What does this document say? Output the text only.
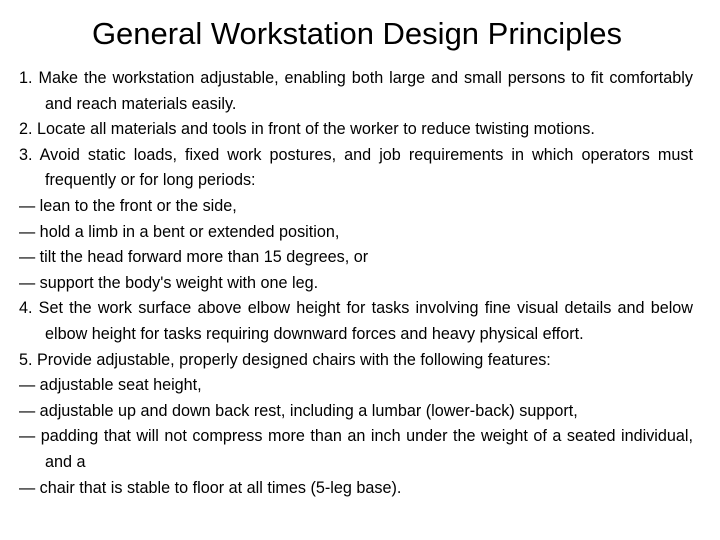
General Workstation Design Principles

1. Make the workstation adjustable, enabling both large and small persons to fit comfortably and reach materials easily.

2. Locate all materials and tools in front of the worker to reduce twisting motions.

3. Avoid static loads, fixed work postures, and job requirements in which operators must frequently or for long periods:

— lean to the front or the side,

— hold a limb in a bent or extended position,

— tilt the head forward more than 15 degrees, or

— support the body's weight with one leg.

4. Set the work surface above elbow height for tasks involving fine visual details and below elbow height for tasks requiring downward forces and heavy physical effort.

5. Provide adjustable, properly designed chairs with the following features:

— adjustable seat height,

— adjustable up and down back rest, including a lumbar (lower-back) support,

— padding that will not compress more than an inch under the weight of a seated individual, and a

— chair that is stable to floor at all times (5-leg base).
